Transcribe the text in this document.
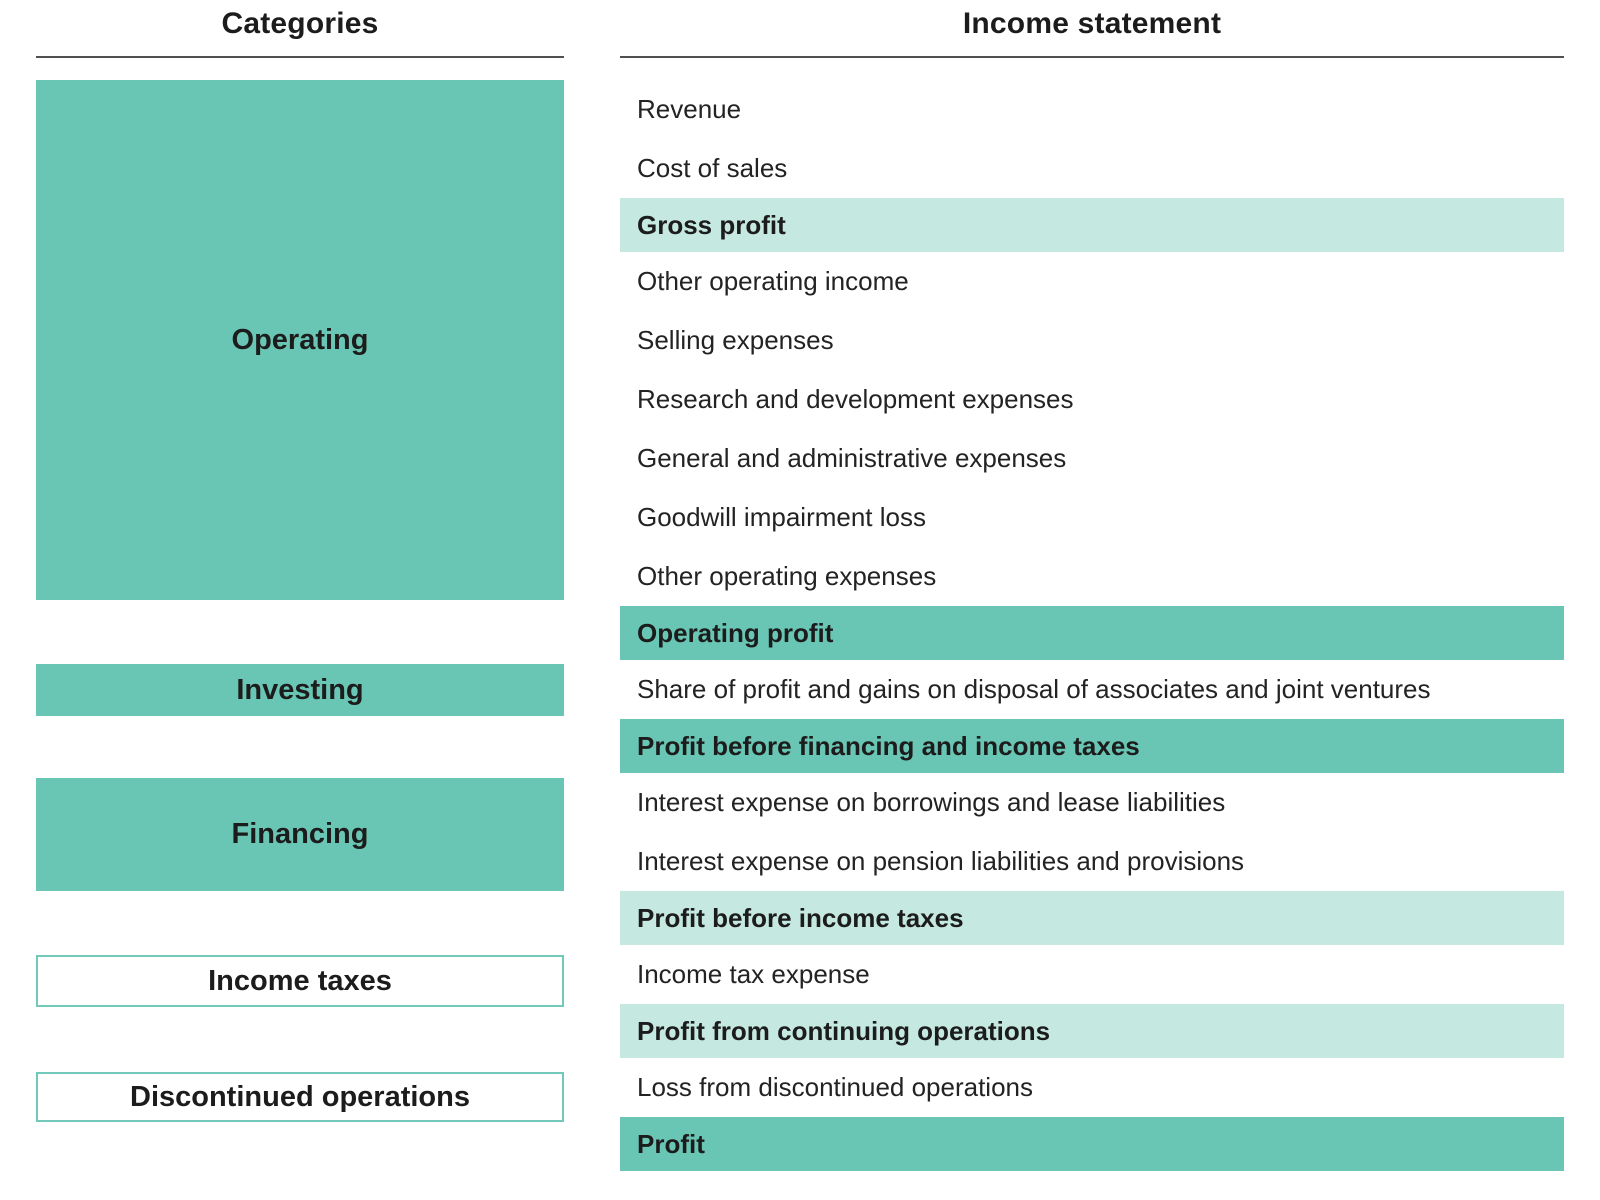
Categories	Income statement
Operating
Investing
Financing
Income taxes
Discontinued operations
Revenue
Cost of sales
Gross profit
Other operating income
Selling expenses
Research and development expenses
General and administrative expenses
Goodwill impairment loss
Other operating expenses
Operating profit
Share of profit and gains on disposal of associates and joint ventures
Profit before financing and income taxes
Interest expense on borrowings and lease liabilities
Interest expense on pension liabilities and provisions
Profit before income taxes
Income tax expense
Profit from continuing operations
Loss from discontinued operations
Profit
